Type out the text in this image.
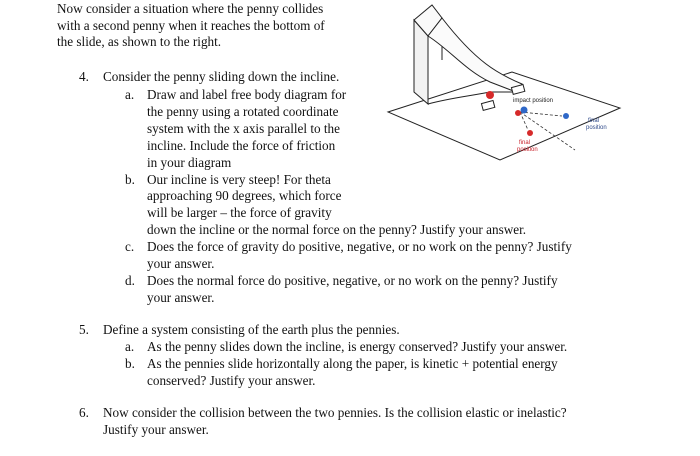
Now consider a situation where the penny collides
with a second penny when it reaches the bottom of
the slide, as shown to the right.
impact position
final
position
final
position
4. Consider the penny sliding down the incline.
a. Draw and label free body diagram for
the penny using a rotated coordinate
system with the x axis parallel to the
incline. Include the force of friction
in your diagram
b. Our incline is very steep! For theta
approaching 90 degrees, which force
will be larger – the force of gravity
down the incline or the normal force on the penny? Justify your answer.
c. Does the force of gravity do positive, negative, or no work on the penny? Justify
your answer.
d. Does the normal force do positive, negative, or no work on the penny? Justify
your answer.
5. Define a system consisting of the earth plus the pennies.
a. As the penny slides down the incline, is energy conserved? Justify your answer.
b. As the pennies slide horizontally along the paper, is kinetic + potential energy
conserved? Justify your answer.
6. Now consider the collision between the two pennies. Is the collision elastic or inelastic?
Justify your answer.
